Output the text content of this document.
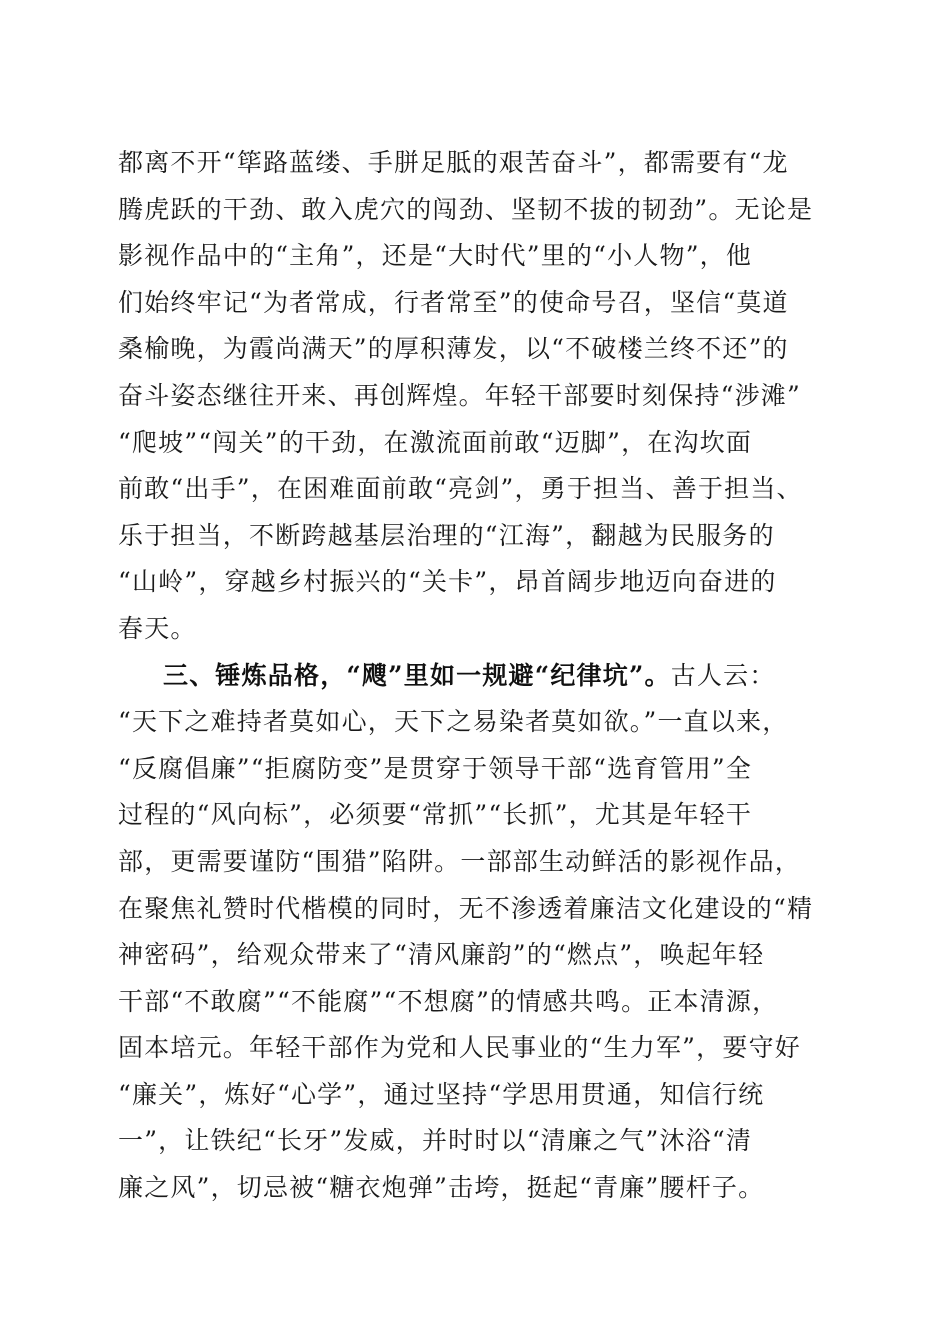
都离不开“筚路蓝缕、手胼足胝的艰苦奋斗”，都需要有“龙
腾虎跃的干劲、敢入虎穴的闯劲、坚韧不拔的韧劲”。无论是
影视作品中的“主角”，还是“大时代”里的“小人物”，他
们始终牢记“为者常成，行者常至”的使命号召，坚信“莫道
桑榆晚，为霞尚满天”的厚积薄发，以“不破楼兰终不还”的
奋斗姿态继往开来、再创辉煌。年轻干部要时刻保持“涉滩”
“爬坡”“闯关”的干劲，在激流面前敢“迈脚”，在沟坎面
前敢“出手”，在困难面前敢“亮剑”，勇于担当、善于担当、
乐于担当，不断跨越基层治理的“江海”，翻越为民服务的
“山岭”，穿越乡村振兴的“关卡”，昂首阔步地迈向奋进的
春天。
三、锤炼品格，“飕”里如一规避“纪律坑”。古人云：
“天下之难持者莫如心，天下之易染者莫如欲。”一直以来，
“反腐倡廉”“拒腐防变”是贯穿于领导干部“选育管用”全
过程的“风向标”，必须要“常抓”“长抓”，尤其是年轻干
部，更需要谨防“围猎”陷阱。一部部生动鲜活的影视作品，
在聚焦礼赞时代楷模的同时，无不渗透着廉洁文化建设的“精
神密码”，给观众带来了“清风廉韵”的“燃点”，唤起年轻
干部“不敢腐”“不能腐”“不想腐”的情感共鸣。正本清源，
固本培元。年轻干部作为党和人民事业的“生力军”，要守好
“廉关”，炼好“心学”，通过坚持“学思用贯通，知信行统
一”，让铁纪“长牙”发威，并时时以“清廉之气”沐浴“清
廉之风”，切忌被“糖衣炮弹”击垮，挺起“青廉”腰杆子。
